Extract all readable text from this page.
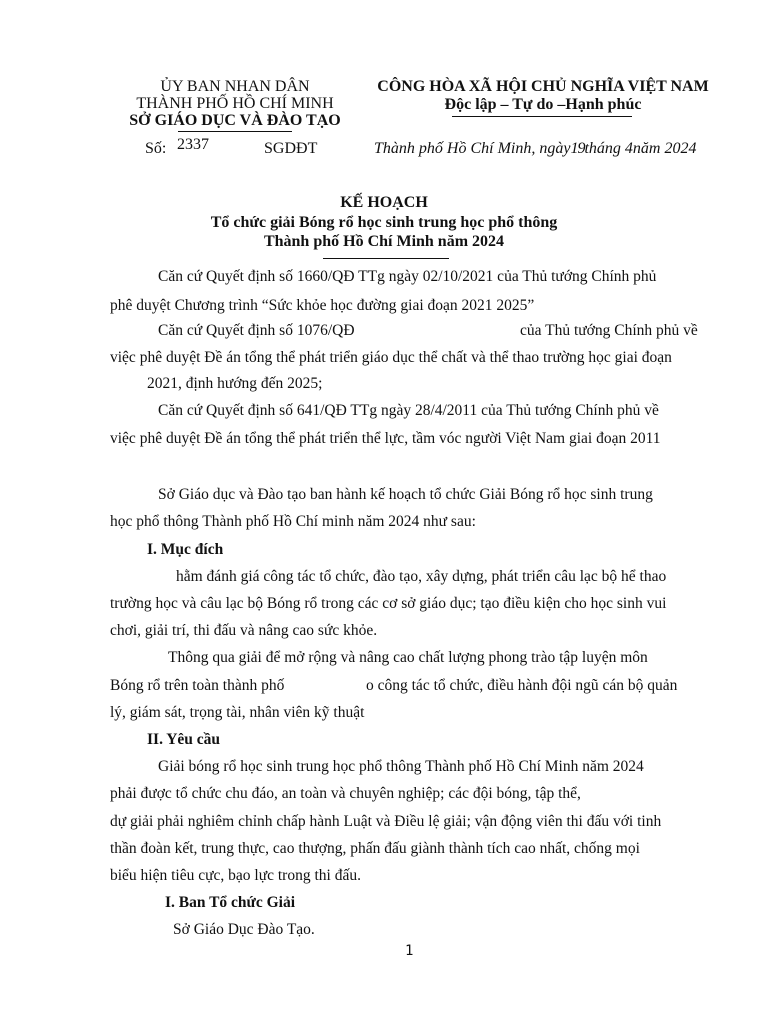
ỦY BAN NHAN DÂN
THÀNH PHỐ HỒ CHÍ MINH
SỞ GIÁO DỤC VÀ ĐÀO TẠO
Số: 2337	SGDĐT
CÔNG HÒA XÃ HỘI CHỦ NGHĨA VIỆT NAM
Độc lập – Tự do –Hạnh phúc
Thành phố Hồ Chí Minh, ngày19tháng 4năm 2024
KẾ HOẠCH
Tổ chức giải Bóng rổ học sinh trung học phổ thông
Thành phố Hồ Chí Minh năm 2024
Căn cứ Quyết định số 1660/QĐ TTg ngày 02/10/2021 của Thủ tướng Chính phủ
phê duyệt Chương trình “Sức khỏe học đường giai đoạn 2021 2025”
Căn cứ Quyết định số 1076/QĐ	của Thủ tướng Chính phủ về
việc phê duyệt Đề án tổng thể phát triển giáo dục thể chất và thể thao trường học giai đoạn
2021, định hướng đến 2025;
Căn cứ Quyết định số 641/QĐ TTg ngày 28/4/2011 của Thủ tướng Chính phủ về
việc phê duyệt Đề án tổng thể phát triển thể lực, tầm vóc người Việt Nam giai đoạn 2011
Sở Giáo dục và Đào tạo ban hành kế hoạch tổ chức Giải Bóng rổ học sinh trung
học phổ thông Thành phố Hồ Chí minh năm 2024 như sau:
I. Mục đích
hằm đánh giá công tác tổ chức, đào tạo, xây dựng, phát triển câu lạc bộ hể thao
trường học và câu lạc bộ Bóng rổ trong các cơ sở giáo dục; tạo điều kiện cho học sinh vui
chơi, giải trí, thi đấu và nâng cao sức khỏe.
Thông qua giải để mở rộng và nâng cao chất lượng phong trào tập luyện môn
Bóng rổ trên toàn thành phố	o công tác tổ chức, điều hành đội ngũ cán bộ quản
lý, giám sát, trọng tài, nhân viên kỹ thuật
II. Yêu cầu
Giải bóng rổ học sinh trung học phổ thông Thành phố Hồ Chí Minh năm 2024
phải được tổ chức chu đáo, an toàn và chuyên nghiệp; các đội bóng, tập thể,
dự giải phải nghiêm chỉnh chấp hành Luật và Điều lệ giải; vận động viên thi đấu với tinh
thần đoàn kết, trung thực, cao thượng, phấn đấu giành thành tích cao nhất, chống mọi
biểu hiện tiêu cực, bạo lực trong thi đấu.
I. Ban Tổ chức Giải
Sở Giáo Dục Đào Tạo.
1
